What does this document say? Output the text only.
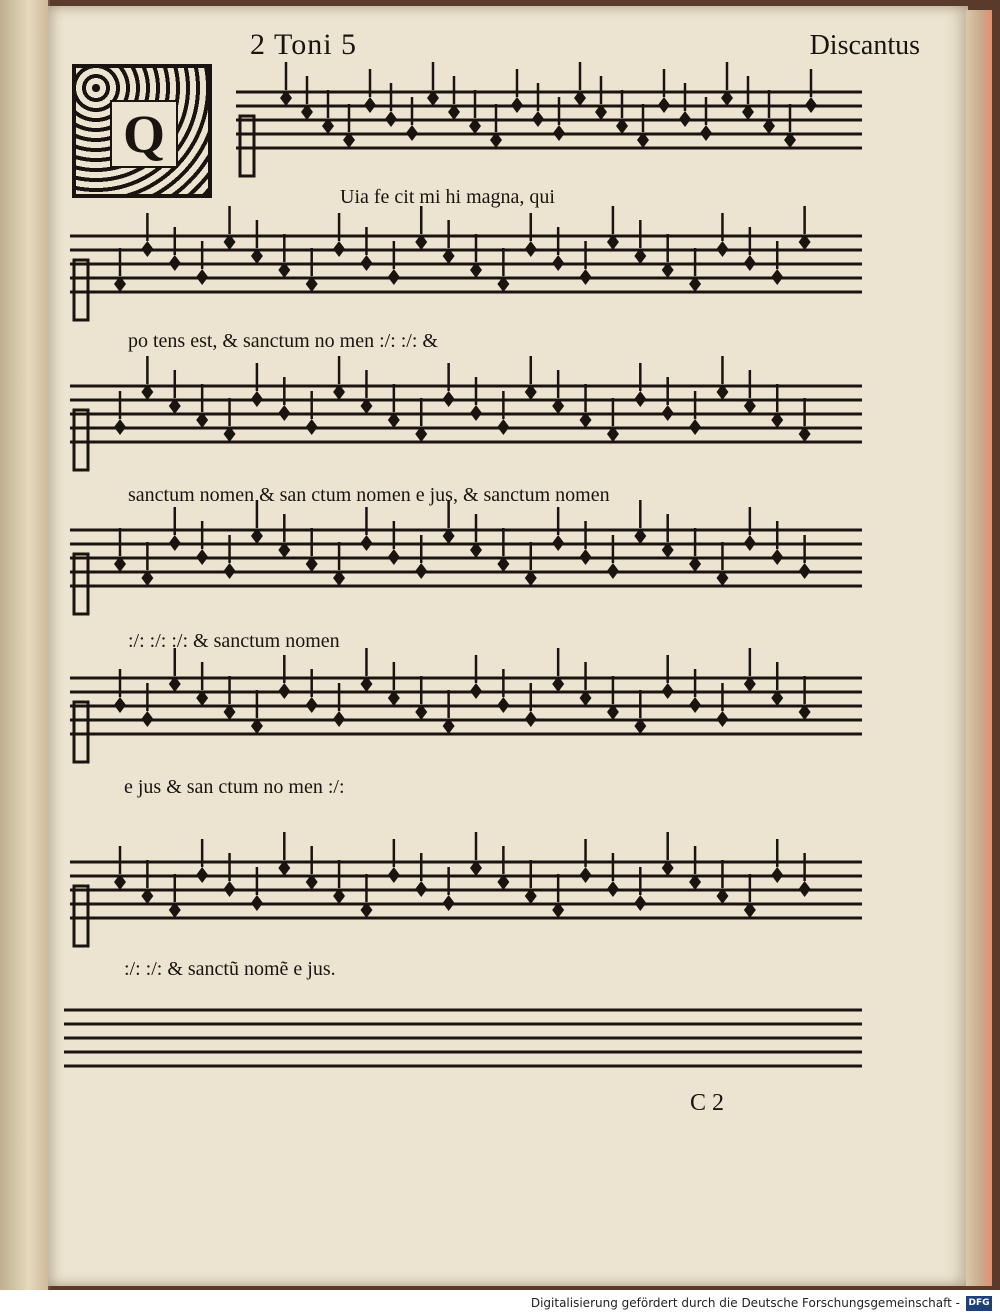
2 Toni 5	Discantus
Q
Uia fe cit mi hi magna, qui
po tens est, & sanctum no men :/: :/: &
sanctum nomen & san ctum nomen e jus, & sanctum nomen
:/: :/: :/: & sanctum nomen
e jus & san ctum no men :/:
:/: :/: & sanctũ nomẽ e jus.
C 2
Digitalisierung gefördert durch die Deutsche Forschungsgemeinschaft - DFG
